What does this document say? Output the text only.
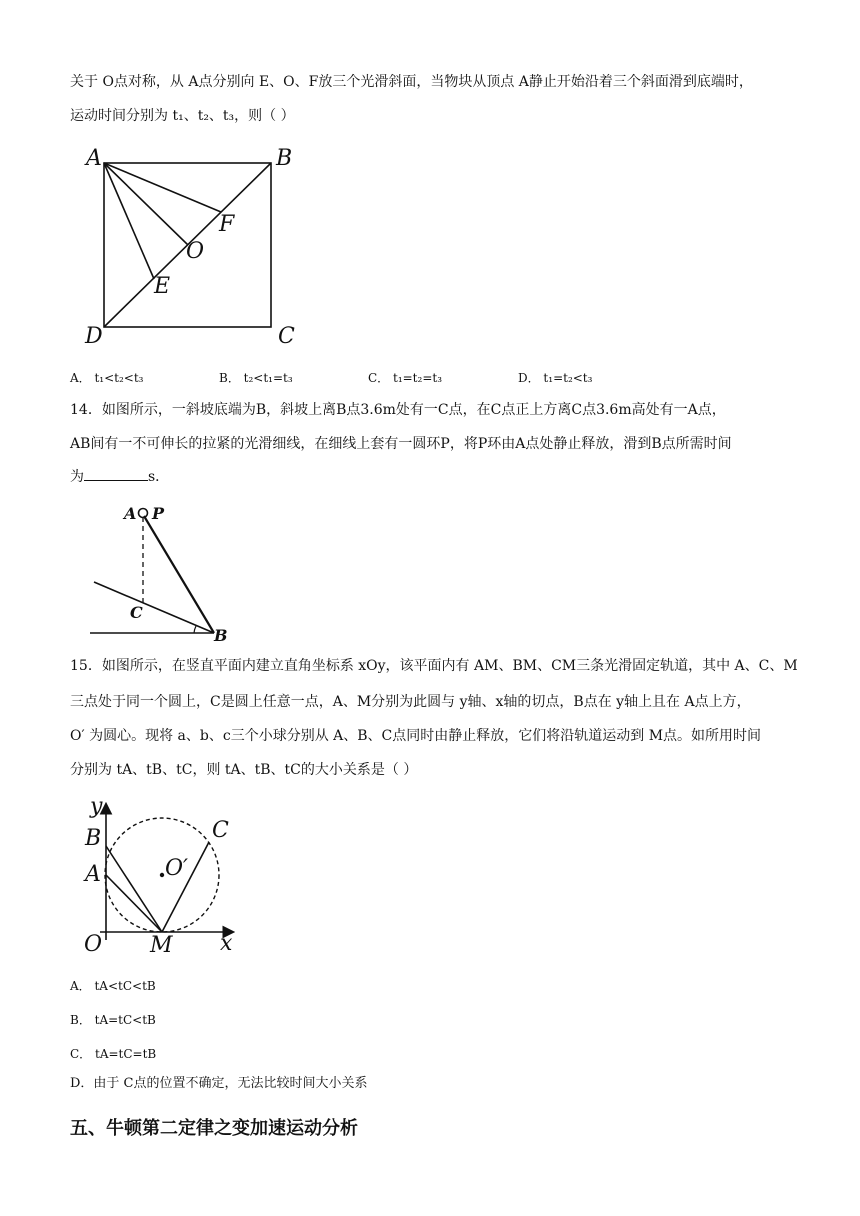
关于 O点对称，从 A点分别向 E、O、F放三个光滑斜面，当物块从顶点 A静止开始沿着三个斜面滑到底端时，
运动时间分别为 t₁、t₂、t₃，则（ ）
A	B
C
D
E
F
O
A． t₁<t₂<t₃	B． t₂<t₁=t₃	C． t₁=t₂=t₃	D． t₁=t₂<t₃
14．如图所示，一斜坡底端为B，斜坡上离B点3.6m处有一C点，在C点正上方离C点3.6m高处有一A点，
AB间有一不可伸长的拉紧的光滑细线，在细线上套有一圆环P，将P环由A点处静止释放，滑到B点所需时间
为	s．
A P
C
B
15．如图所示，在竖直平面内建立直角坐标系 xOy，该平面内有 AM、BM、CM三条光滑固定轨道，其中 A、C、M
三点处于同一个圆上，C是圆上任意一点，A、M分别为此圆与 y轴、x轴的切点，B点在 y轴上且在 A点上方，
O′ 为圆心。现将 a、b、c三个小球分别从 A、B、C点同时由静止释放，它们将沿轨道运动到 M点。如所用时间
分别为 tA、tB、tC，则 tA、tB、tC的大小关系是（ ）
y
x
O M
A
B	C
O′
A． tA<tC<tB
B． tA=tC<tB
C． tA=tC=tB
D．由于 C点的位置不确定，无法比较时间大小关系
五、牛顿第二定律之变加速运动分析
